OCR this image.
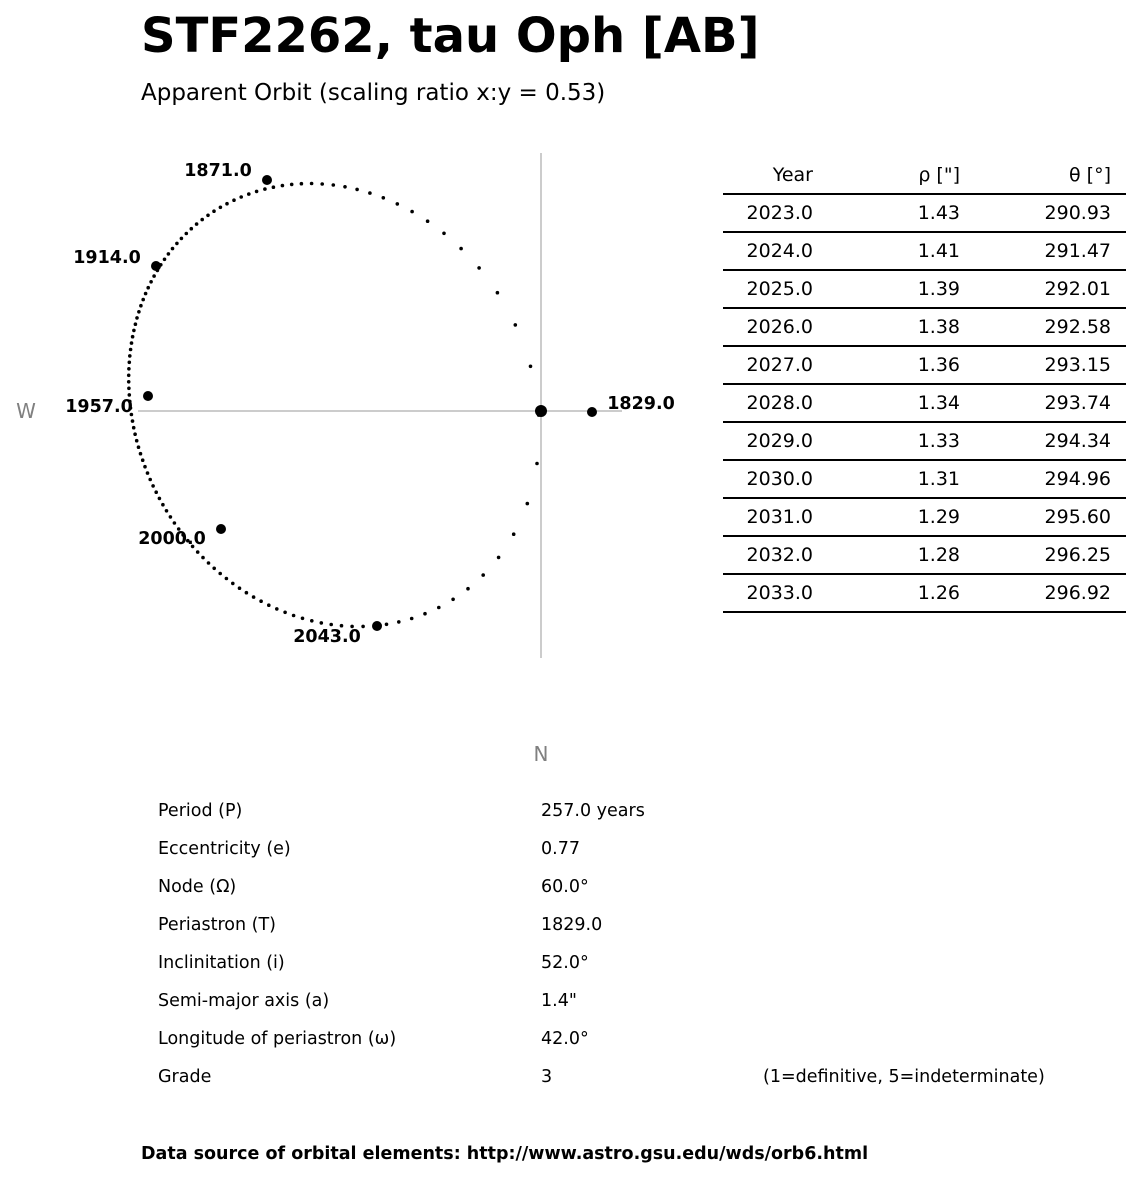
STF2262, tau Oph [AB]
Apparent Orbit (scaling ratio x:y = 0.53)
1871.0
1914.0
1957.0
2000.0
2043.0
1829.0
W
N
Year	ρ ["]	θ [°]
2023.0	1.43	290.93
2024.0	1.41	291.47
2025.0	1.39	292.01
2026.0	1.38	292.58
2027.0	1.36	293.15
2028.0	1.34	293.74
2029.0	1.33	294.34
2030.0	1.31	294.96
2031.0	1.29	295.60
2032.0	1.28	296.25
2033.0	1.26	296.92
Period (P)	257.0 years
Eccentricity (e)	0.77
Node (Ω)	60.0°
Periastron (T)	1829.0
Inclinitation (i)	52.0°
Semi-major axis (a)	1.4"
Longitude of periastron (ω)	42.0°
Grade	3	(1=definitive, 5=indeterminate)
Data source of orbital elements: http://www.astro.gsu.edu/wds/orb6.html
